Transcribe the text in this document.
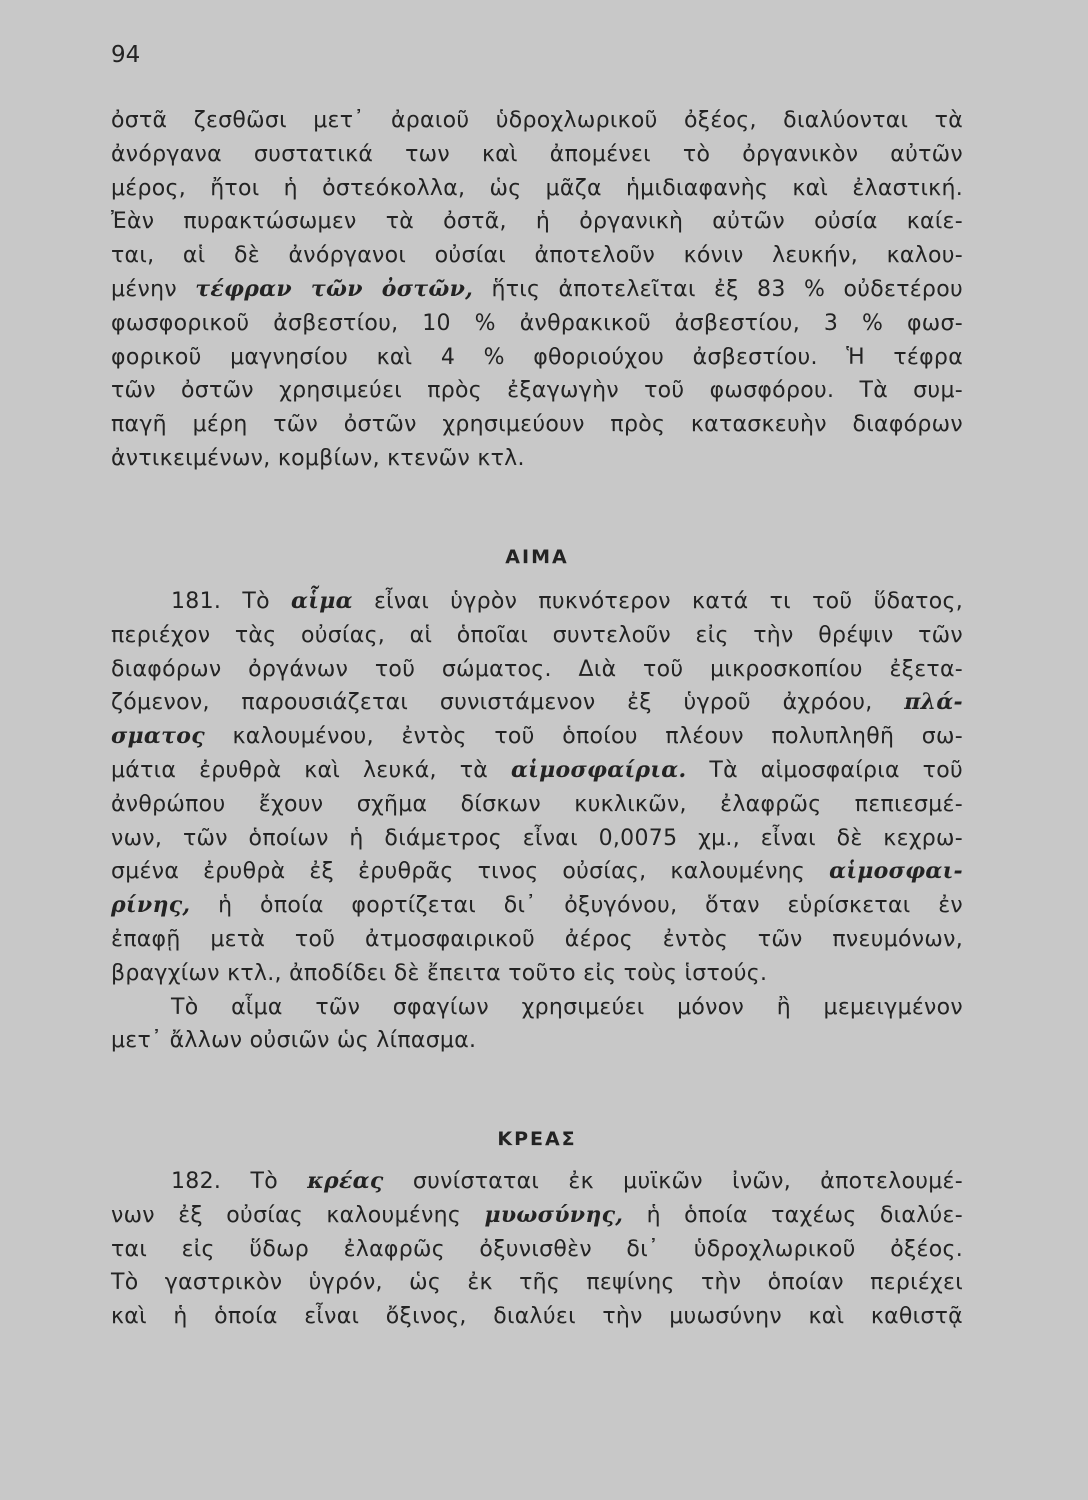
94
ὀστᾶ ζεσθῶσι μετ᾽ ἀραιοῦ ὑδροχλωρικοῦ ὀξέος, διαλύονται τὰ
ἀνόργανα συστατικά των καὶ ἀπομένει τὸ ὀργανικὸν αὐτῶν
μέρος, ἤτοι ἡ ὀστεόκολλα, ὡς μᾶζα ἡμιδιαφανὴς καὶ ἐλαστική.
Ἐὰν πυρακτώσωμεν τὰ ὀστᾶ, ἡ ὀργανικὴ αὐτῶν οὐσία καίε-
ται, αἱ δὲ ἀνόργανοι οὐσίαι ἀποτελοῦν κόνιν λευκήν, καλου-
μένην τέφραν τῶν ὀστῶν, ἥτις ἀποτελεῖται ἐξ 83 % οὐδετέρου
φωσφορικοῦ ἀσβεστίου, 10 % ἀνθρακικοῦ ἀσβεστίου, 3 % φωσ-
φορικοῦ μαγνησίου καὶ 4 % φθοριούχου ἀσβεστίου. Ἡ τέφρα
τῶν ὀστῶν χρησιμεύει πρὸς ἐξαγωγὴν τοῦ φωσφόρου. Τὰ συμ-
παγῆ μέρη τῶν ὀστῶν χρησιμεύουν πρὸς κατασκευὴν διαφόρων
ἀντικειμένων, κομβίων, κτενῶν κτλ.
ΑΙΜΑ
181. Τὸ αἷμα εἶναι ὑγρὸν πυκνότερον κατά τι τοῦ ὕδατος,
περιέχον τὰς οὐσίας, αἱ ὁποῖαι συντελοῦν εἰς τὴν θρέψιν τῶν
διαφόρων ὀργάνων τοῦ σώματος. Διὰ τοῦ μικροσκοπίου ἐξετα-
ζόμενον, παρουσιάζεται συνιστάμενον ἐξ ὑγροῦ ἀχρόου, πλά-
σματος καλουμένου, ἐντὸς τοῦ ὁποίου πλέουν πολυπληθῆ σω-
μάτια ἐρυθρὰ καὶ λευκά, τὰ αἱμοσφαίρια. Τὰ αἱμοσφαίρια τοῦ
ἀνθρώπου ἔχουν σχῆμα δίσκων κυκλικῶν, ἐλαφρῶς πεπιεσμέ-
νων, τῶν ὁποίων ἡ διάμετρος εἶναι 0,0075 χμ., εἶναι δὲ κεχρω-
σμένα ἐρυθρὰ ἐξ ἐρυθρᾶς τινος οὐσίας, καλουμένης αἱμοσφαι-
ρίνης, ἡ ὁποία φορτίζεται δι᾽ ὀξυγόνου, ὅταν εὑρίσκεται ἐν
ἐπαφῇ μετὰ τοῦ ἀτμοσφαιρικοῦ ἀέρος ἐντὸς τῶν πνευμόνων,
βραγχίων κτλ., ἀποδίδει δὲ ἔπειτα τοῦτο εἰς τοὺς ἱστούς.
Τὸ αἷμα τῶν σφαγίων χρησιμεύει μόνον ἢ μεμειγμένον
μετ᾽ ἄλλων οὐσιῶν ὡς λίπασμα.
ΚΡΕΑΣ
182. Τὸ κρέας συνίσταται ἐκ μυϊκῶν ἰνῶν, ἀποτελουμέ-
νων ἐξ οὐσίας καλουμένης μυωσύνης, ἡ ὁποία ταχέως διαλύε-
ται εἰς ὕδωρ ἐλαφρῶς ὀξυνισθὲν δι᾽ ὑδροχλωρικοῦ ὀξέος.
Τὸ γαστρικὸν ὑγρόν, ὡς ἐκ τῆς πεψίνης τὴν ὁποίαν περιέχει
καὶ ἡ ὁποία εἶναι ὄξινος, διαλύει τὴν μυωσύνην καὶ καθιστᾷ
